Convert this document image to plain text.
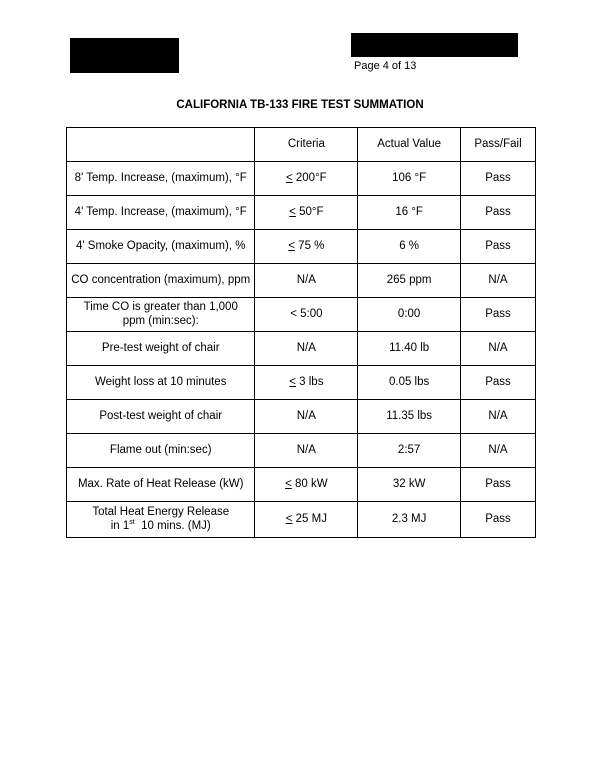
Page 4 of 13
CALIFORNIA TB-133 FIRE TEST SUMMATION
	Criteria	Actual Value	Pass/Fail
8' Temp. Increase, (maximum), °F	≤ 200°F	106 °F	Pass
4' Temp. Increase, (maximum), °F	≤ 50°F	16 °F	Pass
4' Smoke Opacity, (maximum), %	≤ 75 %	6 %	Pass
CO concentration (maximum), ppm	N/A	265 ppm	N/A
Time CO is greater than 1,000 ppm (min:sec):	< 5:00	0:00	Pass
Pre-test weight of chair	N/A	11.40 lb	N/A
Weight loss at 10 minutes	≤ 3 lbs	0.05 lbs	Pass
Post-test weight of chair	N/A	11.35 lbs	N/A
Flame out (min:sec)	N/A	2:57	N/A
Max. Rate of Heat Release (kW)	≤ 80 kW	32 kW	Pass
Total Heat Energy Release
in 1st  10 mins. (MJ)	≤ 25 MJ	2.3 MJ	Pass
